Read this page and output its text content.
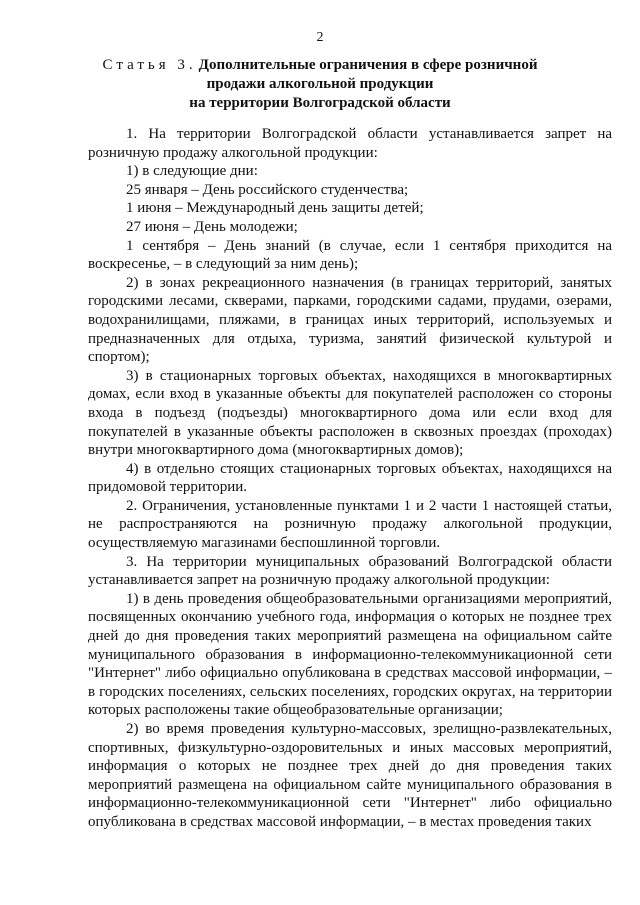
2
Статья 3. Дополнительные ограничения в сфере розничной
продажи алкогольной продукции
на территории Волгоградской области

1. На территории Волгоградской области устанавливается запрет на розничную продажу алкогольной продукции:

1) в следующие дни:

25 января – День российского студенчества;

1 июня – Международный день защиты детей;

27 июня – День молодежи;

1 сентября – День знаний (в случае, если 1 сентября приходится на воскресенье, – в следующий за ним день);

2) в зонах рекреационного назначения (в границах территорий, занятых городскими лесами, скверами, парками, городскими садами, прудами, озерами, водохранилищами, пляжами, в границах иных территорий, используемых и предназначенных для отдыха, туризма, занятий физической культурой и спортом);

3) в стационарных торговых объектах, находящихся в многоквартирных домах, если вход в указанные объекты для покупателей расположен со стороны входа в подъезд (подъезды) многоквартирного дома или если вход для покупателей в указанные объекты расположен в сквозных проездах (проходах) внутри многоквартирного дома (многоквартирных домов);

4) в отдельно стоящих стационарных торговых объектах, находящихся на придомовой территории.

2. Ограничения, установленные пунктами 1 и 2 части 1 настоящей статьи, не распространяются на розничную продажу алкогольной продукции, осуществляемую магазинами беспошлинной торговли.

3. На территории муниципальных образований Волгоградской области устанавливается запрет на розничную продажу алкогольной продукции:

1) в день проведения общеобразовательными организациями мероприятий, посвященных окончанию учебного года, информация о которых не позднее трех дней до дня проведения таких мероприятий размещена на официальном сайте муниципального образования в информационно-телекоммуникационной сети "Интернет" либо официально опубликована в средствах массовой информации, – в городских поселениях, сельских поселениях, городских округах, на территории которых расположены такие общеобразовательные организации;

2) во время проведения культурно-массовых, зрелищно-развлекательных, спортивных, физкультурно-оздоровительных и иных массовых мероприятий, информация о которых не позднее трех дней до дня проведения таких мероприятий размещена на официальном сайте муниципального образования в информационно-телекоммуникационной сети "Интернет" либо официально опубликована в средствах массовой информации, – в местах проведения таких
